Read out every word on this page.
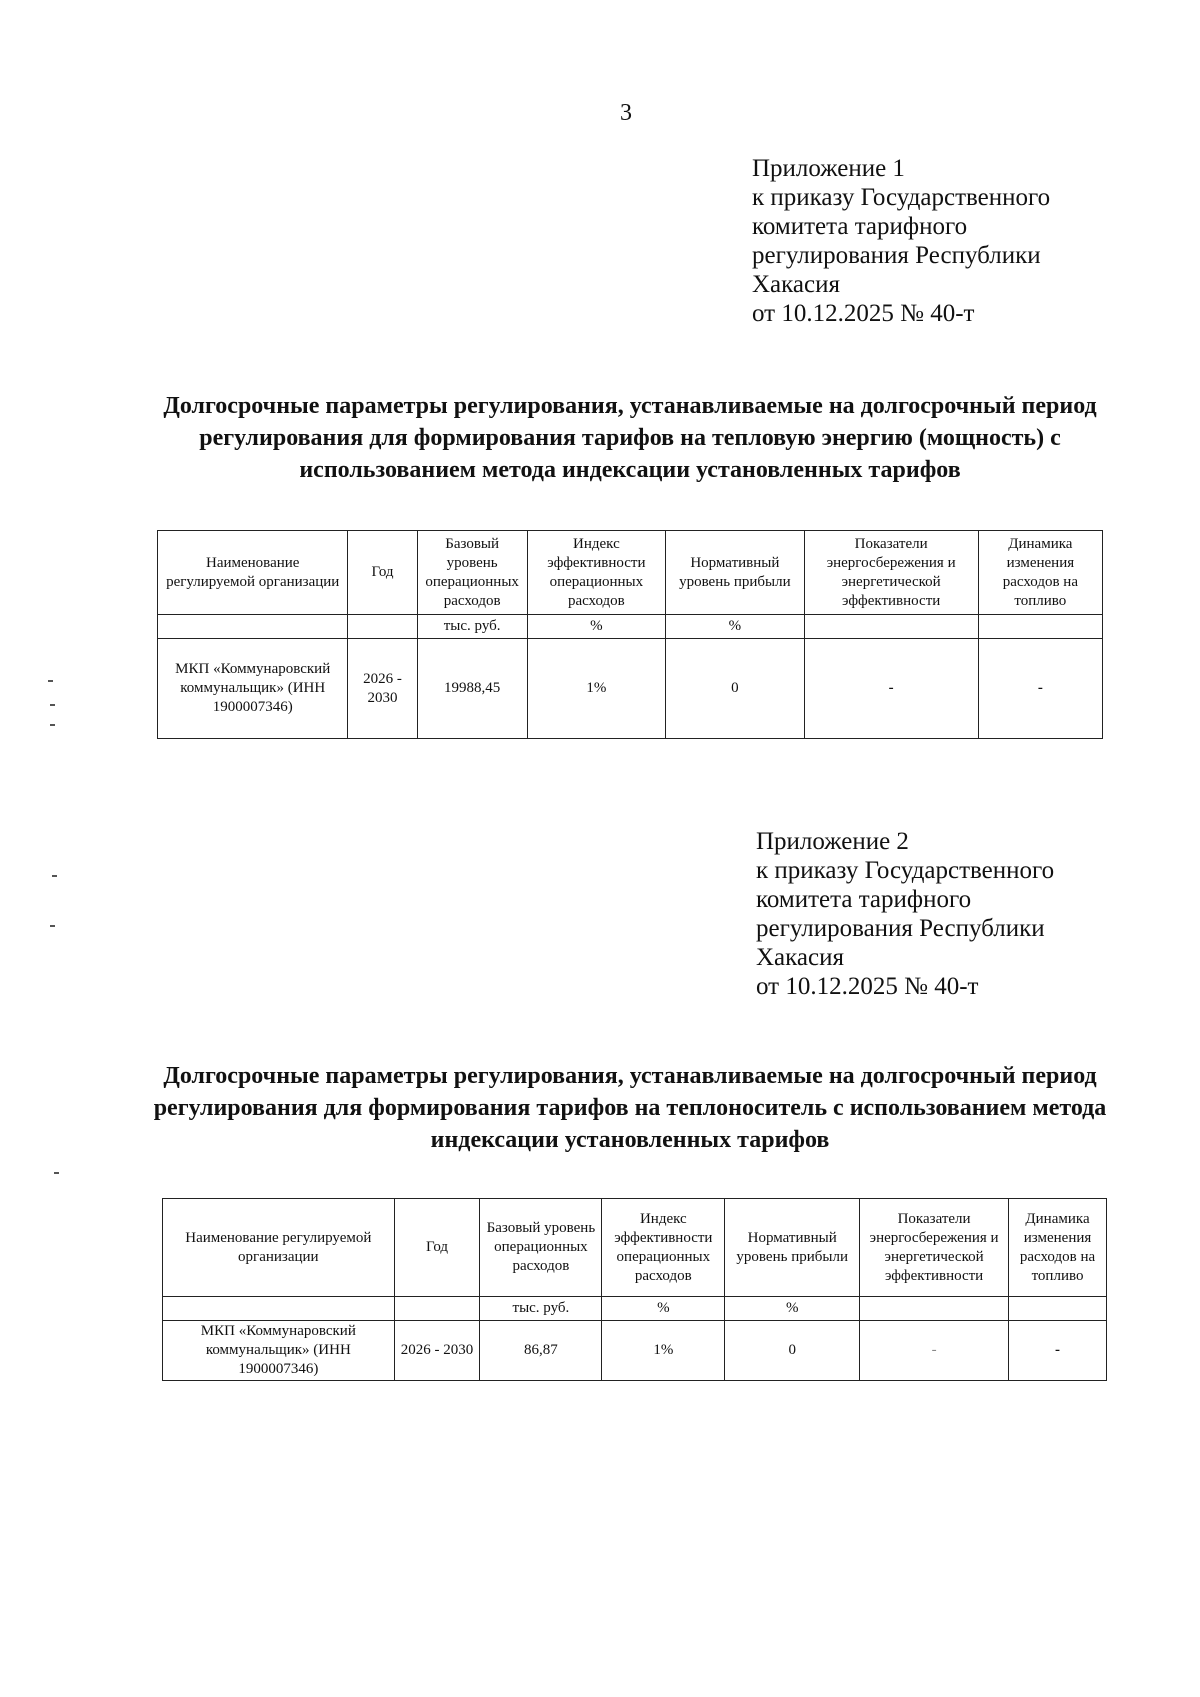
3
Приложение 1
к приказу Государственного
комитета тарифного
регулирования Республики
Хакасия
от 10.12.2025 № 40-т
Долгосрочные параметры регулирования, устанавливаемые на долгосрочный период регулирования для формирования тарифов на тепловую энергию (мощность) с использованием метода индексации установленных тарифов
Наименование регулируемой организации	Год	Базовый уровень операционных расходов	Индекс эффективности операционных расходов	Нормативный уровень прибыли	Показатели энергосбережения и энергетической эффективности	Динамика изменения расходов на топливо
		тыс. руб.	%	%		
МКП «Коммунаровский коммунальщик» (ИНН 1900007346)	2026 - 2030	19988,45	1%	0	-	-
Приложение 2
к приказу Государственного
комитета тарифного
регулирования Республики
Хакасия
от 10.12.2025 № 40-т
Долгосрочные параметры регулирования, устанавливаемые на долгосрочный период регулирования для формирования тарифов на теплоноситель с использованием метода индексации установленных тарифов
Наименование регулируемой организации	Год	Базовый уровень операционных расходов	Индекс эффективности операционных расходов	Нормативный уровень прибыли	Показатели энергосбережения и энергетической эффективности	Динамика изменения расходов на топливо
		тыс. руб.	%	%		
МКП «Коммунаровский коммунальщик» (ИНН 1900007346)	2026 - 2030	86,87	1%	0	-	-
